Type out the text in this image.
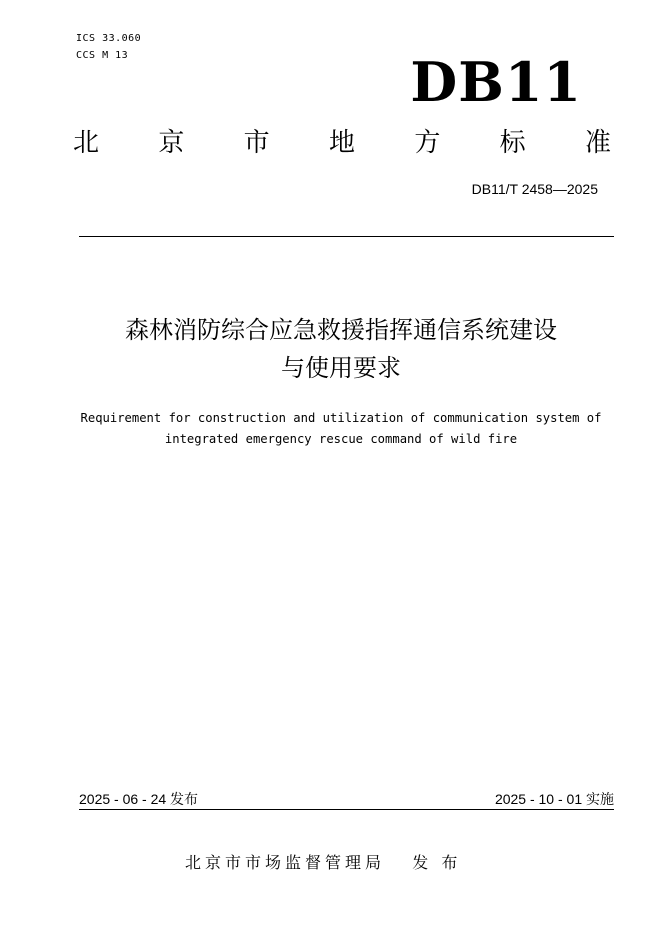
ICS 33.060
CCS M 13	DB11
北 京 市 地 方 标 准
DB11/T 2458—2025
森林消防综合应急救援指挥通信系统建设
与使用要求
Requirement for construction and utilization of communication system of
integrated emergency rescue command of wild fire
2025 - 06 - 24 发布	2025 - 10 - 01 实施
北京市市场监督管理局   发 布
